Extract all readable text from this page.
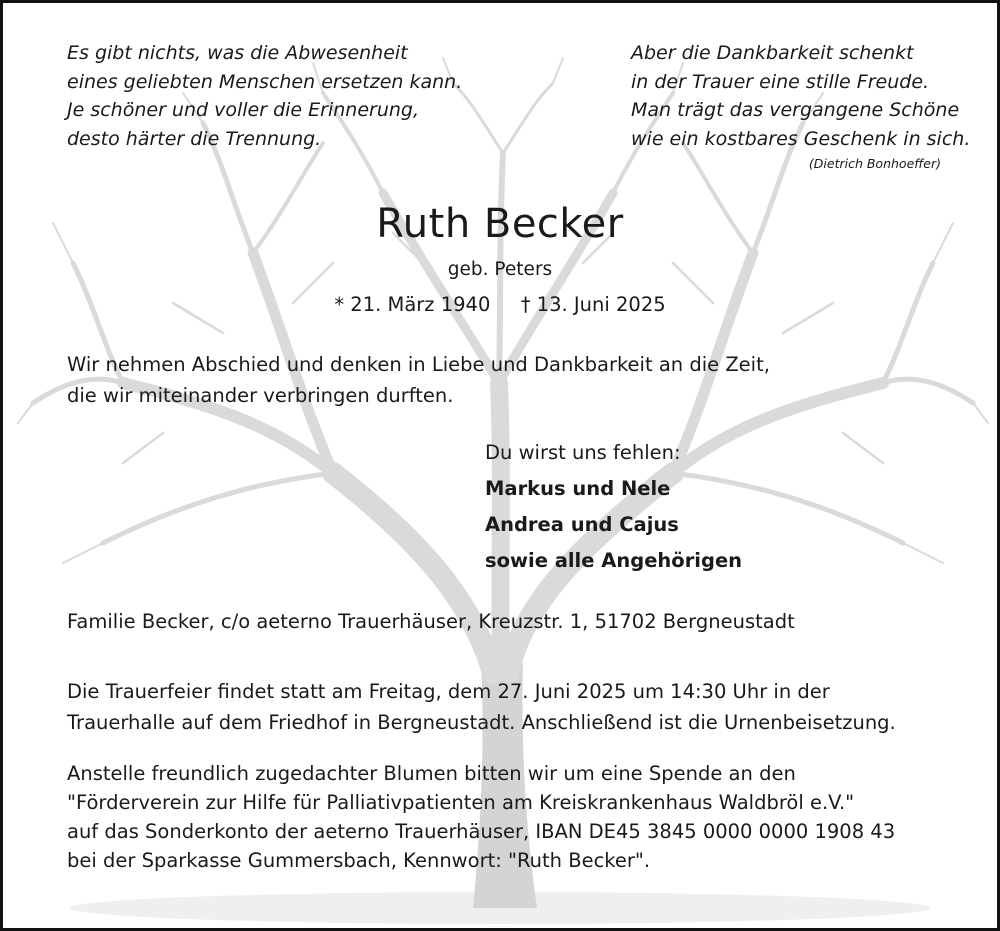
Es gibt nichts, was die Abwesenheit
eines geliebten Menschen ersetzen kann.
Je schöner und voller die Erinnerung,
desto härter die Trennung.
Aber die Dankbarkeit schenkt
in der Trauer eine stille Freude.
Man trägt das vergangene Schöne
wie ein kostbares Geschenk in sich.
(Dietrich Bonhoeffer)
Ruth Becker
geb. Peters
* 21. März 1940 † 13. Juni 2025
Wir nehmen Abschied und denken in Liebe und Dankbarkeit an die Zeit,
die wir miteinander verbringen durften.
Du wirst uns fehlen:
Markus und Nele
Andrea und Cajus
sowie alle Angehörigen
Familie Becker, c/o aeterno Trauerhäuser, Kreuzstr. 1, 51702 Bergneustadt
Die Trauerfeier findet statt am Freitag, dem 27. Juni 2025 um 14:30 Uhr in der
Trauerhalle auf dem Friedhof in Bergneustadt. Anschließend ist die Urnenbeisetzung.
Anstelle freundlich zugedachter Blumen bitten wir um eine Spende an den
"Förderverein zur Hilfe für Palliativpatienten am Kreiskrankenhaus Waldbröl e.V."
auf das Sonderkonto der aeterno Trauerhäuser, IBAN DE45 3845 0000 0000 1908 43
bei der Sparkasse Gummersbach, Kennwort: "Ruth Becker".
